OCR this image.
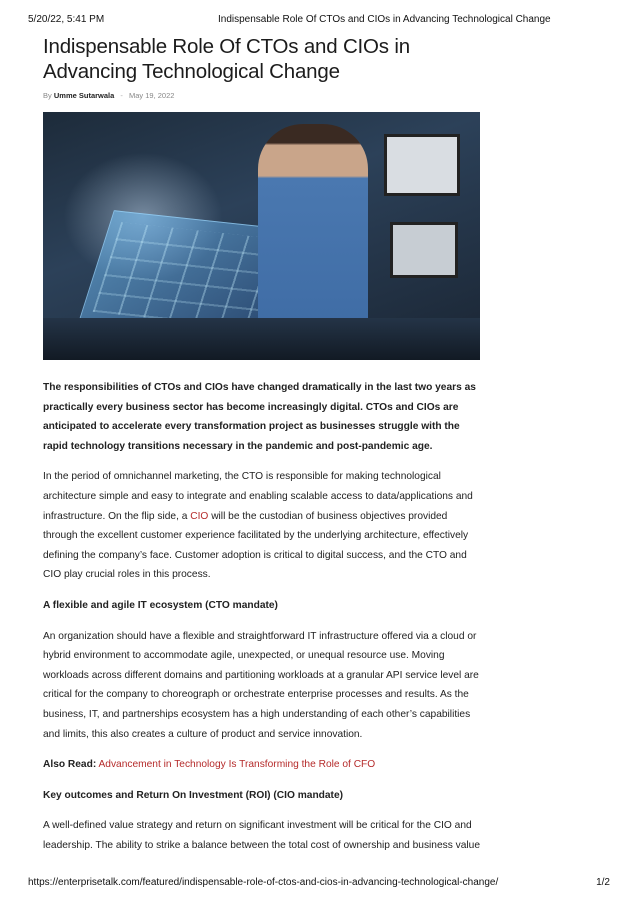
5/20/22, 5:41 PM	Indispensable Role Of CTOs and CIOs in Advancing Technological Change
Indispensable Role Of CTOs and CIOs in Advancing Technological Change
By Umme Sutarwala - May 19, 2022

The responsibilities of CTOs and CIOs have changed dramatically in the last two years as practically every business sector has become increasingly digital. CTOs and CIOs are anticipated to accelerate every transformation project as businesses struggle with the rapid technology transitions necessary in the pandemic and post-pandemic age.

In the period of omnichannel marketing, the CTO is responsible for making technological architecture simple and easy to integrate and enabling scalable access to data/applications and infrastructure. On the flip side, a CIO will be the custodian of business objectives provided through the excellent customer experience facilitated by the underlying architecture, effectively defining the company’s face. Customer adoption is critical to digital success, and the CTO and CIO play crucial roles in this process.

A flexible and agile IT ecosystem (CTO mandate)

An organization should have a flexible and straightforward IT infrastructure offered via a cloud or hybrid environment to accommodate agile, unexpected, or unequal resource use. Moving workloads across different domains and partitioning workloads at a granular API service level are critical for the company to choreograph or orchestrate enterprise processes and results. As the business, IT, and partnerships ecosystem has a high understanding of each other’s capabilities and limits, this also creates a culture of product and service innovation.

Also Read: Advancement in Technology Is Transforming the Role of CFO

Key outcomes and Return On Investment (ROI) (CIO mandate)

A well-defined value strategy and return on significant investment will be critical for the CIO and leadership. The ability to strike a balance between the total cost of ownership and business value

https://enterprisetalk.com/featured/indispensable-role-of-ctos-and-cios-in-advancing-technological-change/	1/2
